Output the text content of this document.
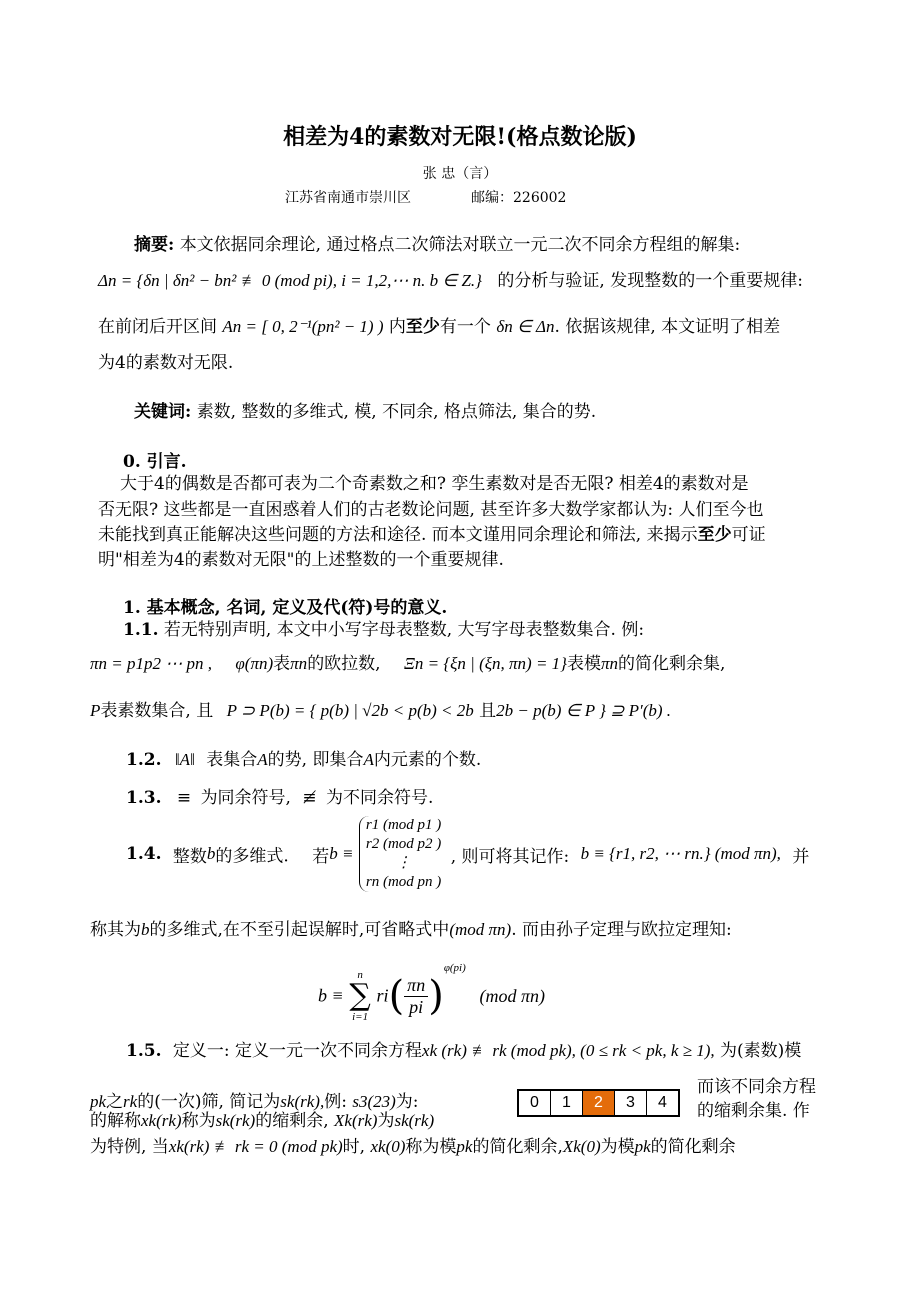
相差为4的素数对无限!(格点数论版)
张 忠（言）
江苏省南通市崇川区	邮编：226002
摘要: 本文依据同余理论, 通过格点二次筛法对联立一元二次不同余方程组的解集:
Δn = {δn | δn² − bn² ≢ 0 (mod pi), i = 1,2,⋯ n. b ∈ Z.} 的分析与验证, 发现整数的一个重要规律:
在前闭后开区间 An = [ 0, 2⁻¹(pn² − 1) ) 内至少有一个 δn ∈ Δn. 依据该规律, 本文证明了相差
为4的素数对无限.
关键词: 素数, 整数的多维式, 模, 不同余, 格点筛法, 集合的势.
0. 引言.
大于4的偶数是否都可表为二个奇素数之和? 孪生素数对是否无限? 相差4的素数对是
否无限? 这些都是一直困惑着人们的古老数论问题, 甚至许多大数学家都认为: 人们至今也
未能找到真正能解决这些问题的方法和途径. 而本文谨用同余理论和筛法, 来揭示至少可证
明"相差为4的素数对无限"的上述整数的一个重要规律.
1. 基本概念, 名词, 定义及代(符)号的意义.
1.1. 若无特别声明, 本文中小写字母表整数, 大写字母表整数集合. 例:
πn = p1p2 ⋯ pn , φ(πn)表πn的欧拉数, Ξn = {ξn | (ξn, πn) = 1}表模πn的简化剩余集,
P表素数集合, 且 P ⊃ P(b) = { p(b) | √2b < p(b) < 2b 且2b − p(b) ∈ P } ⊇ P′(b) .
1.2. ‖A‖ 表集合A的势, 即集合A内元素的个数.
1.3. ≡ 为同余符号, ≢ 为不同余符号.
1.4. 整数b的多维式. 若b ≡
r1 (mod p1 )
r2 (mod p2 )
⋮
rn (mod pn )
, 则可将其记作: b ≡ {r1, r2, ⋯ rn.} (mod πn), 并
称其为b的多维式,在不至引起误解时,可省略式中(mod πn). 而由孙子定理与欧拉定理知:
b ≡
n
∑
i=1
$ri( \frac{\pi n}{pi} )^{\varphi(pi)}$ (mod πn)
1.5. 定义一: 定义一元一次不同余方程xk (rk) ≢ rk (mod pk), (0 ≤ rk < pk, k ≥ 1), 为(素数)模
pk之rk的(一次)筛, 简记为sk(rk),例: s3(23)为:	0	1	2	3	4
而该不同余方程
的缩剩余集. 作
的解称xk(rk)称为sk(rk)的缩剩余, Xk(rk)为sk(rk)
为特例, 当xk(rk) ≢ rk = 0 (mod pk)时, xk(0)称为模pk的简化剩余,Xk(0)为模pk的简化剩余
